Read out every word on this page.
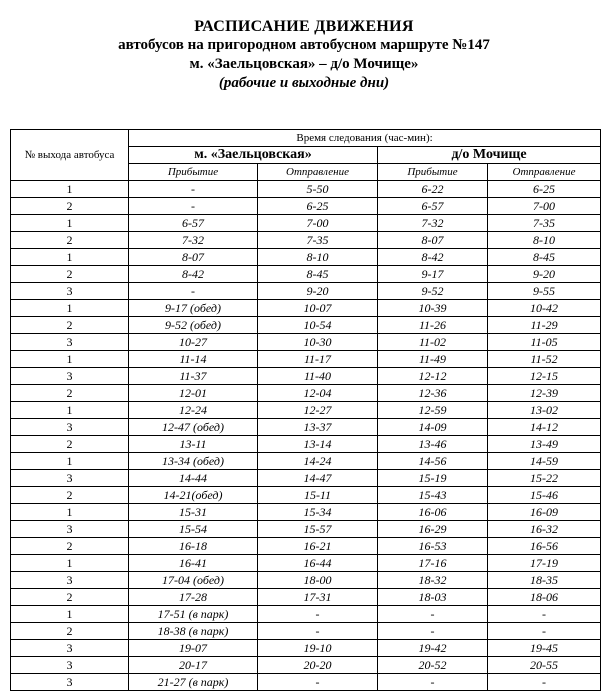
РАСПИСАНИЕ ДВИЖЕНИЯ
автобусов на пригородном автобусном маршруте №147
м. «Заельцовская» – д/о Мочище»
(рабочие и выходные дни)
№ выхода автобуса	Время следования (час-мин):			
	м. «Заельцовская»		д/о Мочище	
	Прибытие	Отправление	Прибытие	Отправление
1	-	5-50	6-22	6-25
2	-	6-25	6-57	7-00
1	6-57	7-00	7-32	7-35
2	7-32	7-35	8-07	8-10
1	8-07	8-10	8-42	8-45
2	8-42	8-45	9-17	9-20
3	-	9-20	9-52	9-55
1	9-17 (обед)	10-07	10-39	10-42
2	9-52 (обед)	10-54	11-26	11-29
3	10-27	10-30	11-02	11-05
1	11-14	11-17	11-49	11-52
3	11-37	11-40	12-12	12-15
2	12-01	12-04	12-36	12-39
1	12-24	12-27	12-59	13-02
3	12-47 (обед)	13-37	14-09	14-12
2	13-11	13-14	13-46	13-49
1	13-34 (обед)	14-24	14-56	14-59
3	14-44	14-47	15-19	15-22
2	14-21(обед)	15-11	15-43	15-46
1	15-31	15-34	16-06	16-09
3	15-54	15-57	16-29	16-32
2	16-18	16-21	16-53	16-56
1	16-41	16-44	17-16	17-19
3	17-04 (обед)	18-00	18-32	18-35
2	17-28	17-31	18-03	18-06
1	17-51 (в парк)	-	-	-
2	18-38 (в парк)	-	-	-
3	19-07	19-10	19-42	19-45
3	20-17	20-20	20-52	20-55
3	21-27 (в парк)	-	-	-
